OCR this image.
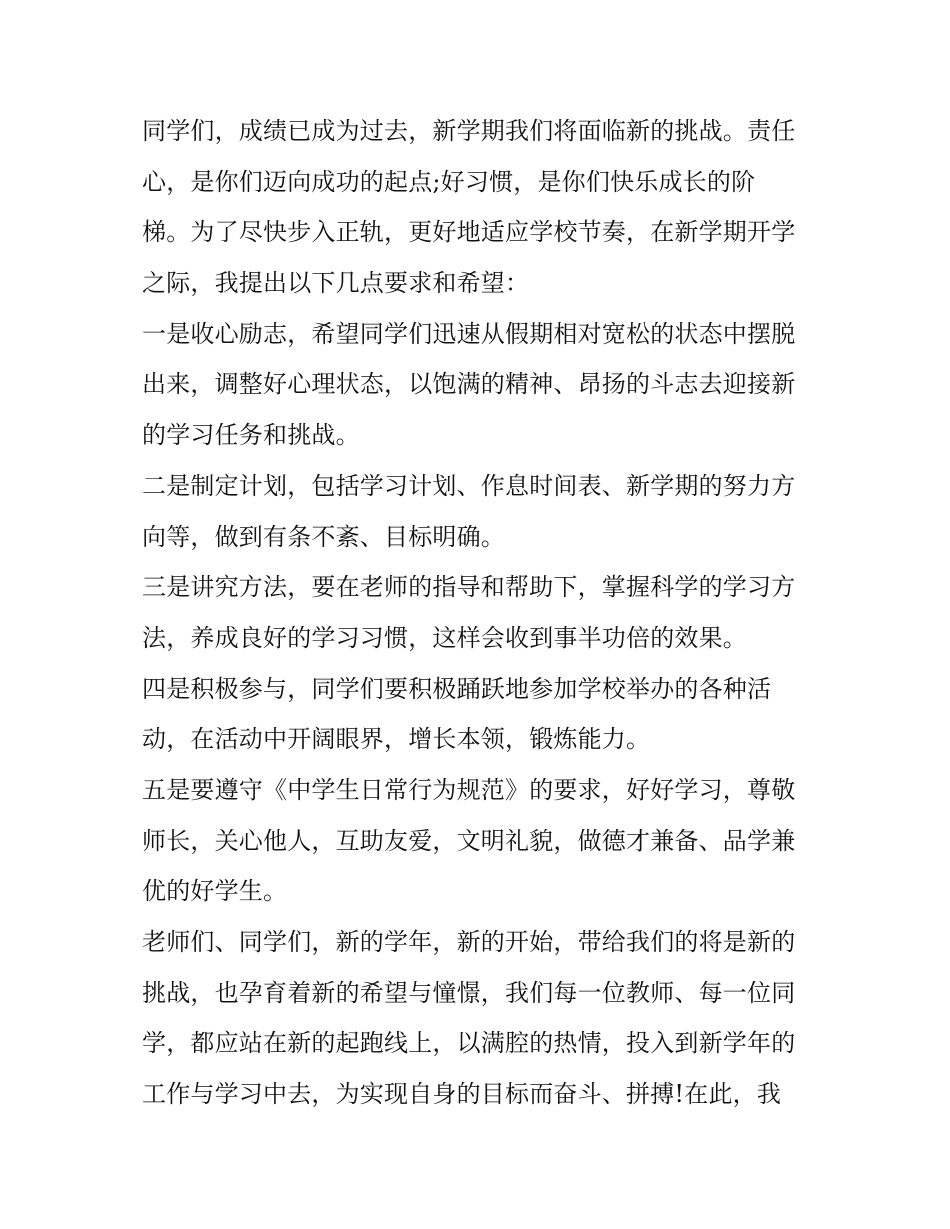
同学们，成绩已成为过去，新学期我们将面临新的挑战。责任
心，是你们迈向成功的起点;好习惯，是你们快乐成长的阶
梯。为了尽快步入正轨，更好地适应学校节奏，在新学期开学
之际，我提出以下几点要求和希望：
一是收心励志，希望同学们迅速从假期相对宽松的状态中摆脱
出来，调整好心理状态，以饱满的精神、昂扬的斗志去迎接新
的学习任务和挑战。
二是制定计划，包括学习计划、作息时间表、新学期的努力方
向等，做到有条不紊、目标明确。
三是讲究方法，要在老师的指导和帮助下，掌握科学的学习方
法，养成良好的学习习惯，这样会收到事半功倍的效果。
四是积极参与，同学们要积极踊跃地参加学校举办的各种活
动，在活动中开阔眼界，增长本领，锻炼能力。
五是要遵守《中学生日常行为规范》的要求，好好学习，尊敬
师长，关心他人，互助友爱，文明礼貌，做德才兼备、品学兼
优的好学生。
老师们、同学们，新的学年，新的开始，带给我们的将是新的
挑战，也孕育着新的希望与憧憬，我们每一位教师、每一位同
学，都应站在新的起跑线上，以满腔的热情，投入到新学年的
工作与学习中去，为实现自身的目标而奋斗、拼搏!在此，我
